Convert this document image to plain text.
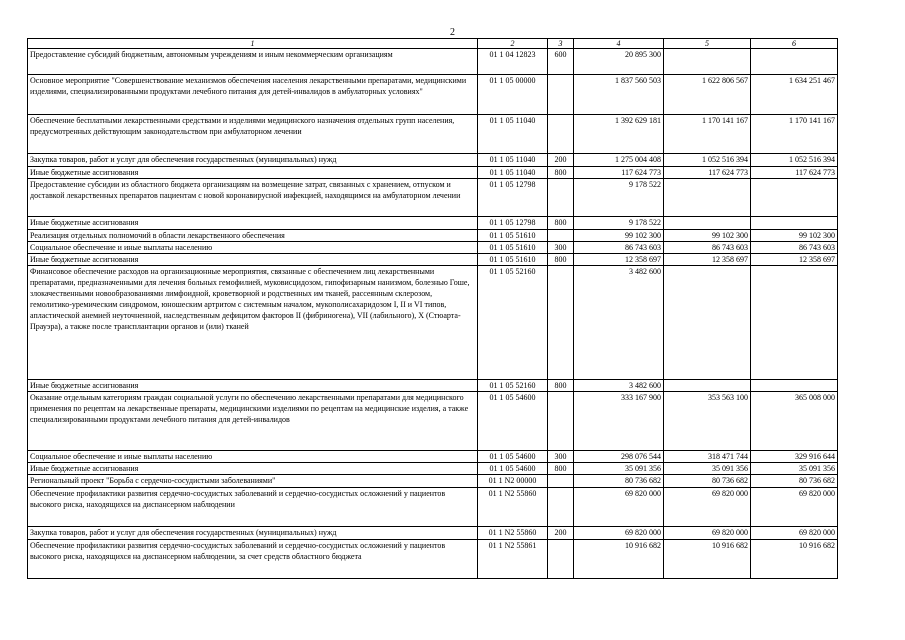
2
1	2	3	4	5	6
Предоставление субсидий бюджетным, автономным учреждениям и иным некоммерческим организациям	01 1 04 12823	600	20 895 300		
Основное мероприятие "Совершенствование механизмов обеспечения населения лекарственными препаратами, медицинскими изделиями, специализированными продуктами лечебного питания для детей-инвалидов в амбулаторных условиях"	01 1 05 00000		1 837 560 503	1 622 806 567	1 634 251 467
Обеспечение бесплатными лекарственными средствами и изделиями медицинского назначения отдельных групп населения, предусмотренных действующим законодательством при амбулаторном лечении	01 1 05 11040		1 392 629 181	1 170 141 167	1 170 141 167
Закупка товаров, работ и услуг для обеспечения государственных (муниципальных) нужд	01 1 05 11040	200	1 275 004 408	1 052 516 394	1 052 516 394
Иные бюджетные ассигнования	01 1 05 11040	800	117 624 773	117 624 773	117 624 773
Предоставление субсидии из областного бюджета организациям на возмещение затрат, связанных с хранением, отпуском и доставкой лекарственных препаратов пациентам с новой коронавирусной инфекцией, находящимся на амбулаторном лечении	01 1 05 12798		9 178 522		
Иные бюджетные ассигнования	01 1 05 12798	800	9 178 522		
Реализация отдельных полномочий в области лекарственного обеспечения	01 1 05 51610		99 102 300	99 102 300	99 102 300
Социальное обеспечение и иные выплаты населению	01 1 05 51610	300	86 743 603	86 743 603	86 743 603
Иные бюджетные ассигнования	01 1 05 51610	800	12 358 697	12 358 697	12 358 697
Финансовое обеспечение расходов на организационные мероприятия, связанные с обеспечением лиц лекарственными препаратами, предназначенными для лечения больных гемофилией, муковисцидозом, гипофизарным нанизмом, болезнью Гоше, злокачественными новообразованиями лимфоидной, кроветворной и родственных им тканей, рассеянным склерозом, гемолитико-уремическим синдромом, юношеским артритом с системным началом, мукополисахаридозом I, II и VI типов, апластической анемией неуточненной, наследственным дефицитом факторов II (фибриногена), VII (лабильного), X (Стюарта-Прауэра), а также после трансплантации органов и (или) тканей	01 1 05 52160		3 482 600		
Иные бюджетные ассигнования	01 1 05 52160	800	3 482 600		
Оказание отдельным категориям граждан социальной услуги по обеспечению лекарственными препаратами для медицинского применения по рецептам на лекарственные препараты, медицинскими изделиями по рецептам на медицинские изделия, а также специализированными продуктами лечебного питания для детей-инвалидов	01 1 05 54600		333 167 900	353 563 100	365 008 000
Социальное обеспечение и иные выплаты населению	01 1 05 54600	300	298 076 544	318 471 744	329 916 644
Иные бюджетные ассигнования	01 1 05 54600	800	35 091 356	35 091 356	35 091 356
Региональный проект "Борьба с сердечно-сосудистыми заболеваниями"	01 1 N2 00000		80 736 682	80 736 682	80 736 682
Обеспечение профилактики развития сердечно-сосудистых заболеваний и сердечно-сосудистых осложнений у пациентов высокого риска, находящихся на диспансерном наблюдении	01 1 N2 55860		69 820 000	69 820 000	69 820 000
Закупка товаров, работ и услуг для обеспечения государственных (муниципальных) нужд	01 1 N2 55860	200	69 820 000	69 820 000	69 820 000
Обеспечение профилактики развития сердечно-сосудистых заболеваний и сердечно-сосудистых осложнений у пациентов высокого риска, находящихся на диспансерном наблюдении, за счет средств областного бюджета	01 1 N2 55861		10 916 682	10 916 682	10 916 682
